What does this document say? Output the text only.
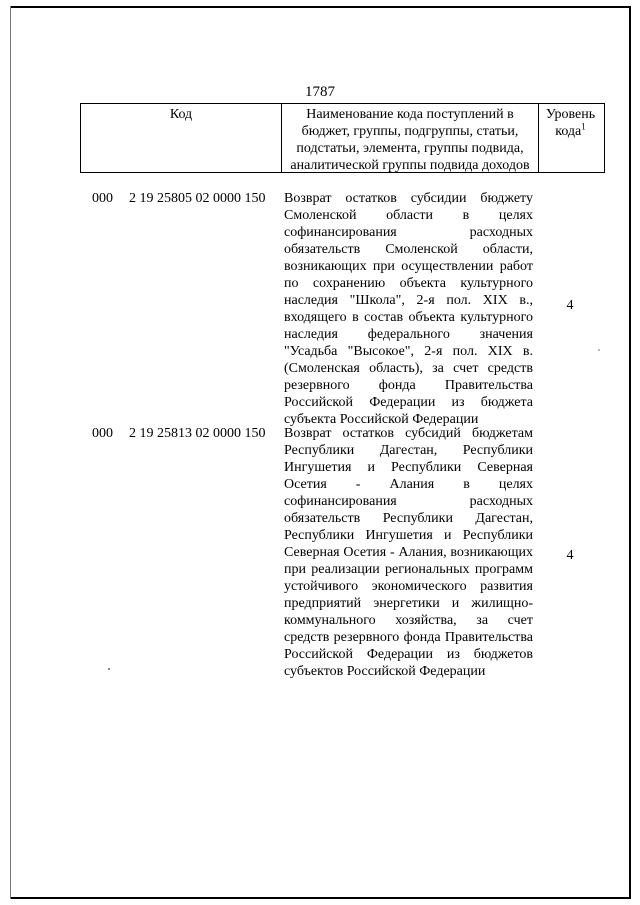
1787
Код	Наименование кода поступлений в бюджет, группы, подгруппы, статьи, подстатьи, элемента, группы подвида, аналитической группы подвида доходов
Уровень кода$^1$
000 2 19 25805 02 0000 150 Возврат остатков субсидии бюджету Смоленской области в целях софинансирования расходных обязательств Смоленской области, возникающих при осуществлении работ по сохранению объекта культурного наследия "Школа", 2-я пол. XIX в., входящего в состав объекта культурного наследия федерального значения "Усадьба "Высокое", 2-я пол. XIX в. (Смоленская область), за счет средств резервного фонда Правительства Российской Федерации из бюджета субъекта Российской Федерации
4
000 2 19 25813 02 0000 150 Возврат остатков субсидий бюджетам Республики Дагестан, Республики Ингушетия и Республики Северная Осетия - Алания в целях софинансирования расходных обязательств Республики Дагестан, Республики Ингушетия и Республики Северная Осетия - Алания, возникающих при реализации региональных программ устойчивого экономического развития предприятий энергетики и жилищно-коммунального хозяйства, за счет средств резервного фонда Правительства Российской Федерации из бюджетов субъектов Российской Федерации
4
